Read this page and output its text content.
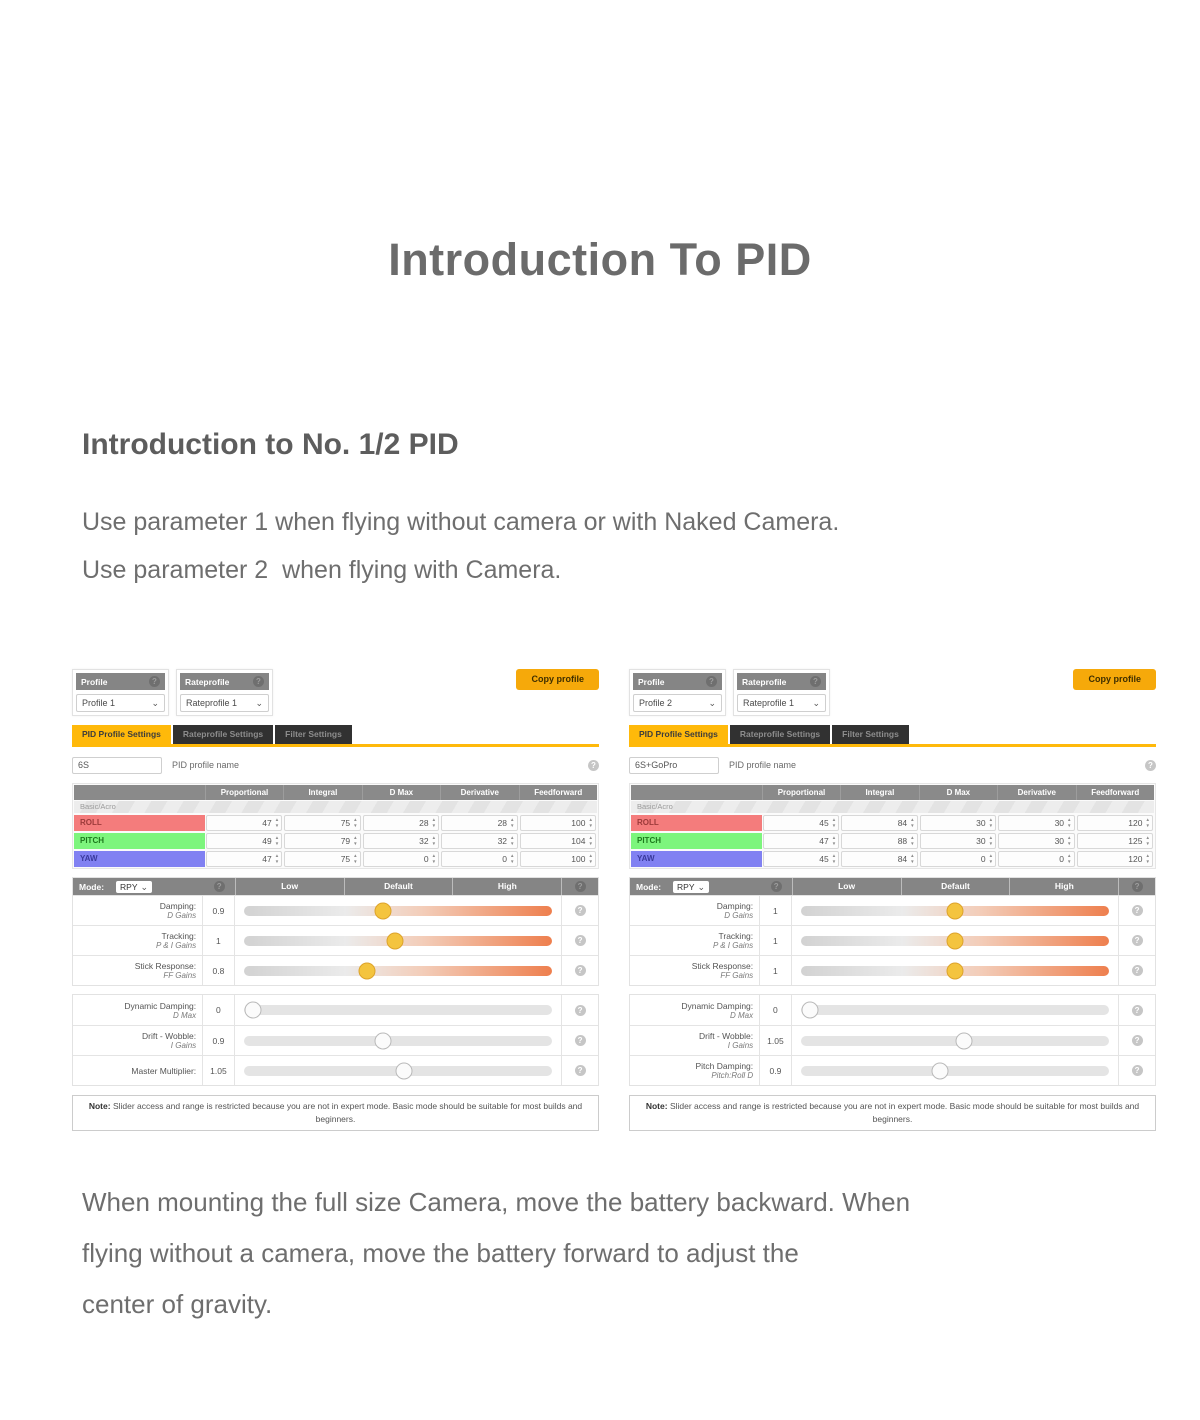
Introduction To PID
Introduction to No. 1/2 PID
Use parameter 1 when flying without camera or with Naked Camera.
Use parameter 2  when flying with Camera.
Profile	?
Profile 1	⌄
Rateprofile	?
Rateprofile 1 ⌄
Copy profile
PID Profile Settings	Rateprofile Settings	Filter Settings
6S	PID profile name	?
Proportional	Integral	D Max	Derivative	Feedforward
Basic/Acro
ROLL	47 ▲ ▼	75 ▲ ▼	28 ▲ ▼	28 ▲ ▼	100
▲ ▼
PITCH	49 ▲ ▼	79 ▲ ▼	32 ▲ ▼	32 ▲ ▼	104
▲ ▼
YAW	47 ▲ ▼	75 ▲ ▼	0 ▲ ▼	0 ▲ ▼	100
▲ ▼
Mode: RPY ⌄	?	Low	Default	High	?
Damping:
D Gains	0.9	?
Tracking:
P & I Gains	1	?
Stick Response:
FF Gains	0.8	?
Dynamic Damping:
D Max	0	?
Drift - Wobble:
I Gains	0.9	?
Master Multiplier:	1.05	?
Note: Slider access and range is restricted because you are not in expert mode. Basic mode should be suitable for most builds and beginners.
Profile	?
Profile 2	⌄
Rateprofile	?
Rateprofile 1 ⌄
Copy profile
PID Profile Settings	Rateprofile Settings	Filter Settings
6S+GoPro	PID profile name	?
Proportional	Integral	D Max	Derivative	Feedforward
Basic/Acro
ROLL	45 ▲ ▼	84 ▲ ▼	30 ▲ ▼	30 ▲ ▼	120
▲ ▼
PITCH	47 ▲ ▼	88 ▲ ▼	30 ▲ ▼	30 ▲ ▼	125
▲ ▼
YAW	45 ▲ ▼	84 ▲ ▼	0 ▲ ▼	0 ▲ ▼	120
▲ ▼
Mode: RPY ⌄	?	Low	Default	High	?
Damping:
D Gains	1	?
Tracking:
P & I Gains	1	?
Stick Response:
FF Gains	1	?
Dynamic Damping:
D Max	0	?
Drift - Wobble:
I Gains	1.05	?
Pitch Damping:
Pitch:Roll D	0.9	?
Note: Slider access and range is restricted because you are not in expert mode. Basic mode should be suitable for most builds and beginners.
When mounting the full size Camera, move the battery backward. When
flying without a camera, move the battery forward to adjust the
center of gravity.
